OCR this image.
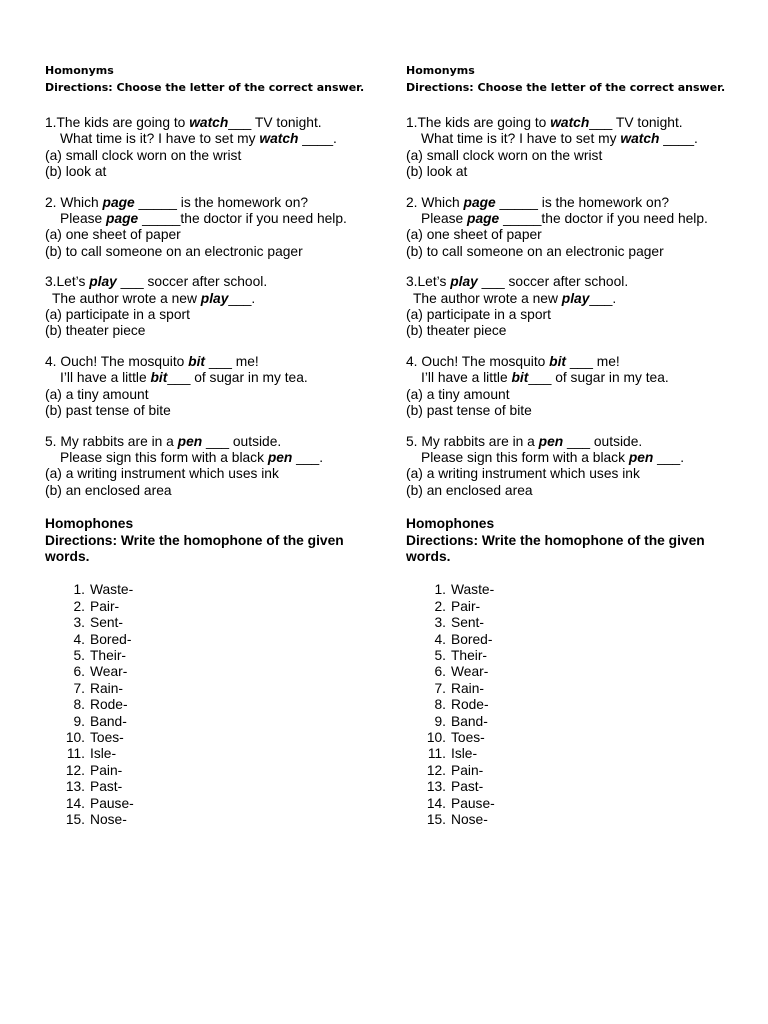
Homonyms
Directions: Choose the letter of the correct answer.
1.The kids are going to watch___ TV tonight.
What time is it? I have to set my watch ____.
(a) small clock worn on the wrist
(b) look at
2. Which page _____ is the homework on?
Please page _____the doctor if you need help.
(a) one sheet of paper
(b) to call someone on an electronic pager
3.Let’s play ___ soccer after school.
The author wrote a new play___.
(a) participate in a sport
(b) theater piece
4. Ouch! The mosquito bit ___ me!
I’ll have a little bit___ of sugar in my tea.
(a) a tiny amount
(b) past tense of bite
5. My rabbits are in a pen ___ outside.
Please sign this form with a black pen ___.
(a) a writing instrument which uses ink
(b) an enclosed area
Homophones
Directions: Write the homophone of the given
words.
1. Waste-
2. Pair-
3. Sent-
4. Bored-
5. Their-
6. Wear-
7. Rain-
8. Rode-
9. Band-
10. Toes-
11. Isle-
12. Pain-
13. Past-
14. Pause-
15. Nose-
Homonyms
Directions: Choose the letter of the correct answer.
1.The kids are going to watch___ TV tonight.
What time is it? I have to set my watch ____.
(a) small clock worn on the wrist
(b) look at
2. Which page _____ is the homework on?
Please page _____the doctor if you need help.
(a) one sheet of paper
(b) to call someone on an electronic pager
3.Let’s play ___ soccer after school.
The author wrote a new play___.
(a) participate in a sport
(b) theater piece
4. Ouch! The mosquito bit ___ me!
I’ll have a little bit___ of sugar in my tea.
(a) a tiny amount
(b) past tense of bite
5. My rabbits are in a pen ___ outside.
Please sign this form with a black pen ___.
(a) a writing instrument which uses ink
(b) an enclosed area
Homophones
Directions: Write the homophone of the given
words.
1. Waste-
2. Pair-
3. Sent-
4. Bored-
5. Their-
6. Wear-
7. Rain-
8. Rode-
9. Band-
10. Toes-
11. Isle-
12. Pain-
13. Past-
14. Pause-
15. Nose-
